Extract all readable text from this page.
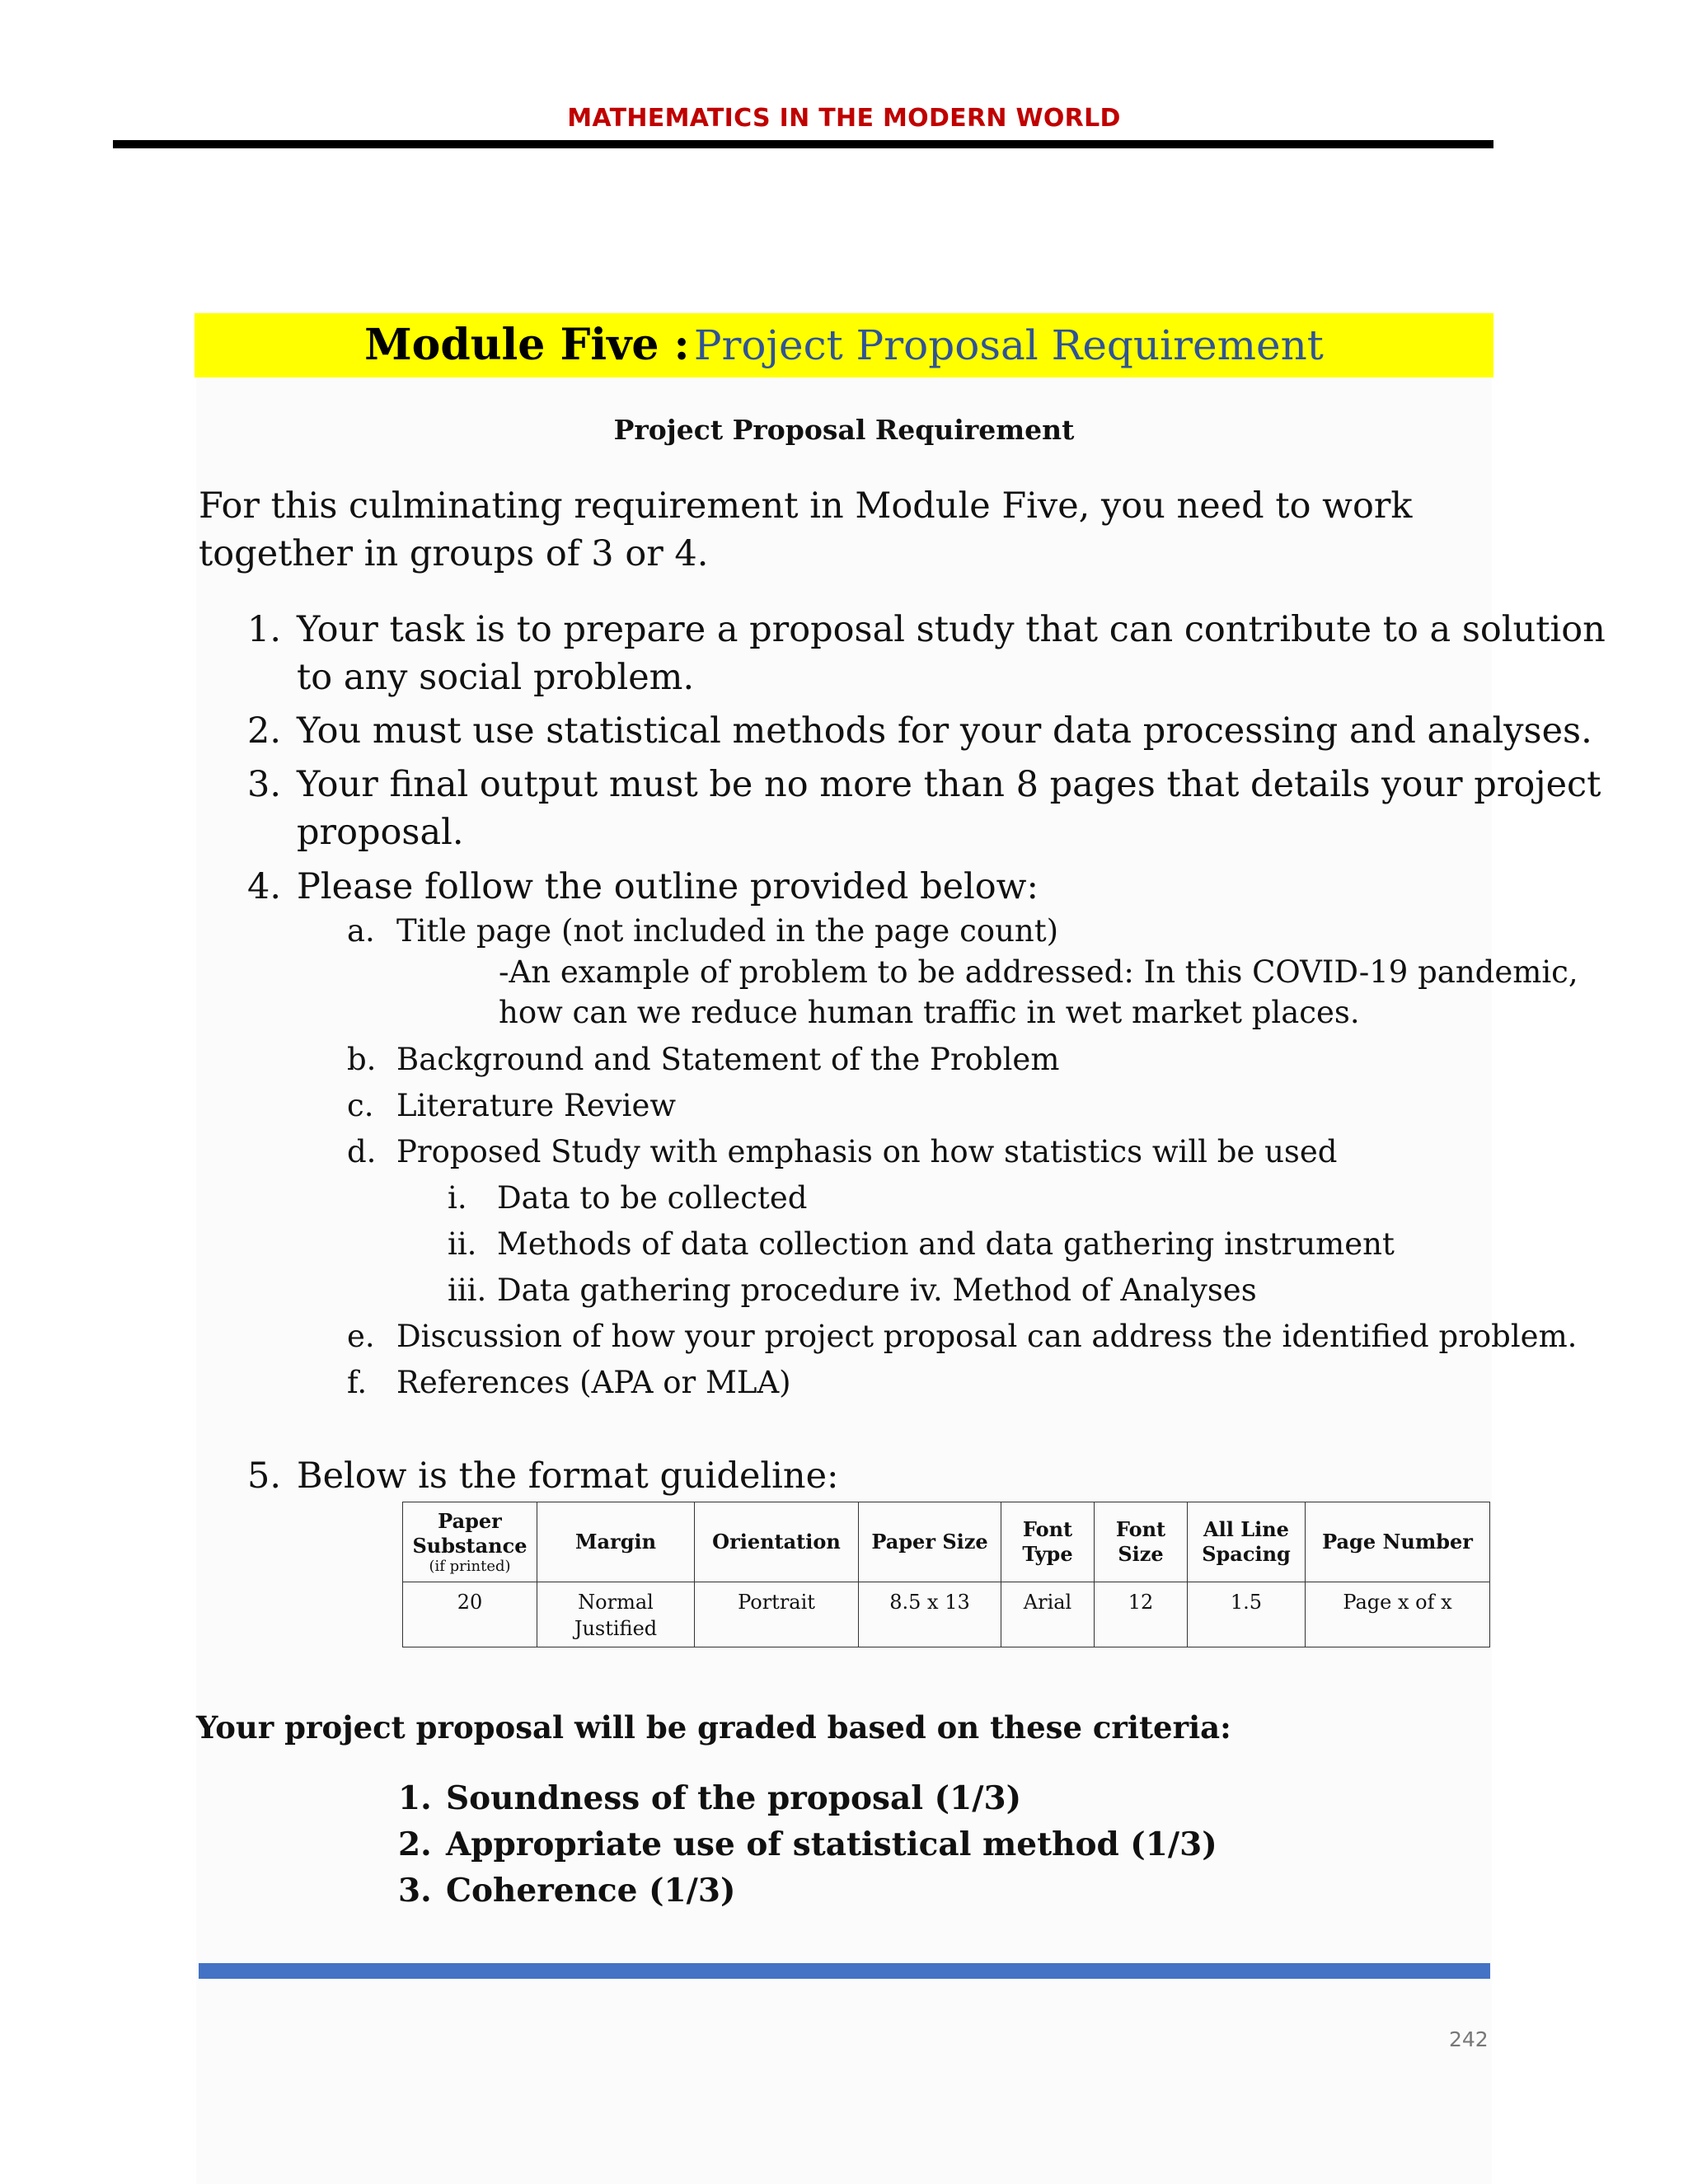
MATHEMATICS IN THE MODERN WORLD
Module Five : Project Proposal Requirement
Project Proposal Requirement
For this culminating requirement in Module Five, you need to work together in groups of 3 or 4.
1. Your task is to prepare a proposal study that can contribute to a solution
to any social problem.
2. You must use statistical methods for your data processing and analyses.
3. Your final output must be no more than 8 pages that details your project
proposal.
4. Please follow the outline provided below:
a. Title page (not included in the page count)
-An example of problem to be addressed: In this COVID-19 pandemic,
how can we reduce human traffic in wet market places.
b. Background and Statement of the Problem
c. Literature Review
d. Proposed Study with emphasis on how statistics will be used
i. Data to be collected
ii. Methods of data collection and data gathering instrument
iii. Data gathering procedure iv. Method of Analyses
e. Discussion of how your project proposal can address the identified problem.
f. References (APA or MLA)
5. Below is the format guideline:
Paper Substance
(if printed)	Margin	Orientation	Paper Size	Font Type	Font Size	All Line Spacing	Page Number
20	Normal Justified	Portrait	8.5 x 13	Arial	12	1.5	Page x of x
Your project proposal will be graded based on these criteria:
1. Soundness of the proposal (1/3)
2. Appropriate use of statistical method (1/3)
3. Coherence (1/3)
242
